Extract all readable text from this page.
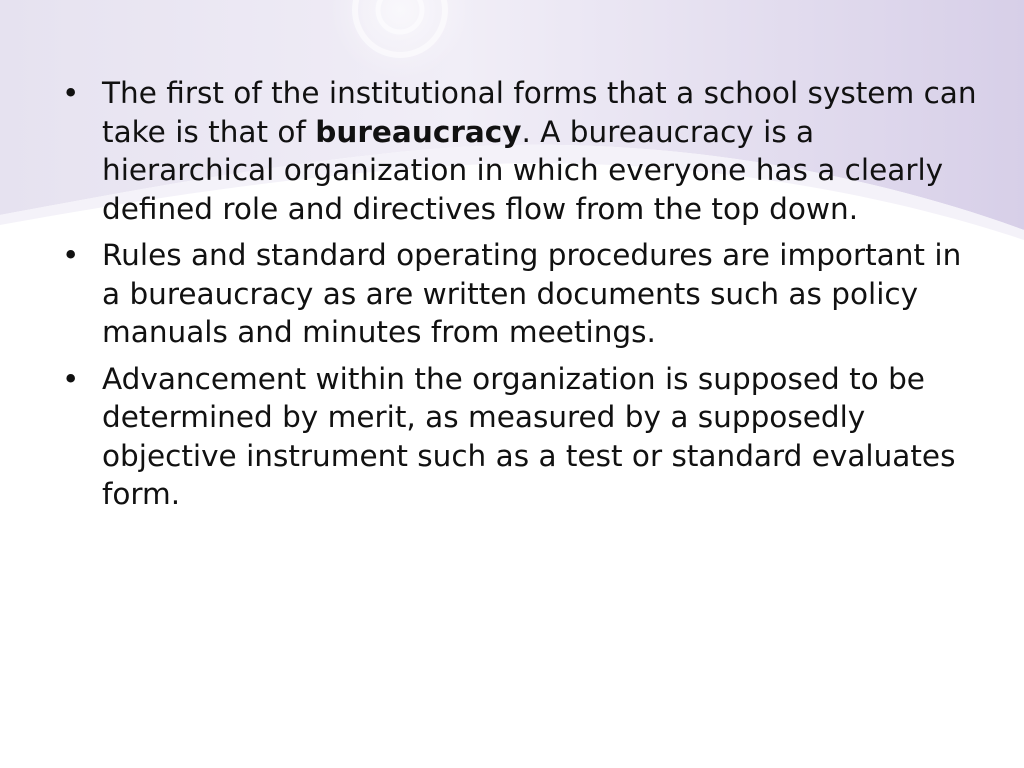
• The first of the institutional forms that a school system can take is that of bureaucracy. A bureaucracy is a hierarchical organization in which everyone has a clearly defined role and directives flow from the top down.
• Rules and standard operating procedures are important in a bureaucracy as are written documents such as policy manuals and minutes from meetings.
• Advancement within the organization is supposed to be determined by merit, as measured by a supposedly objective instrument such as a test or standard evaluates form.
